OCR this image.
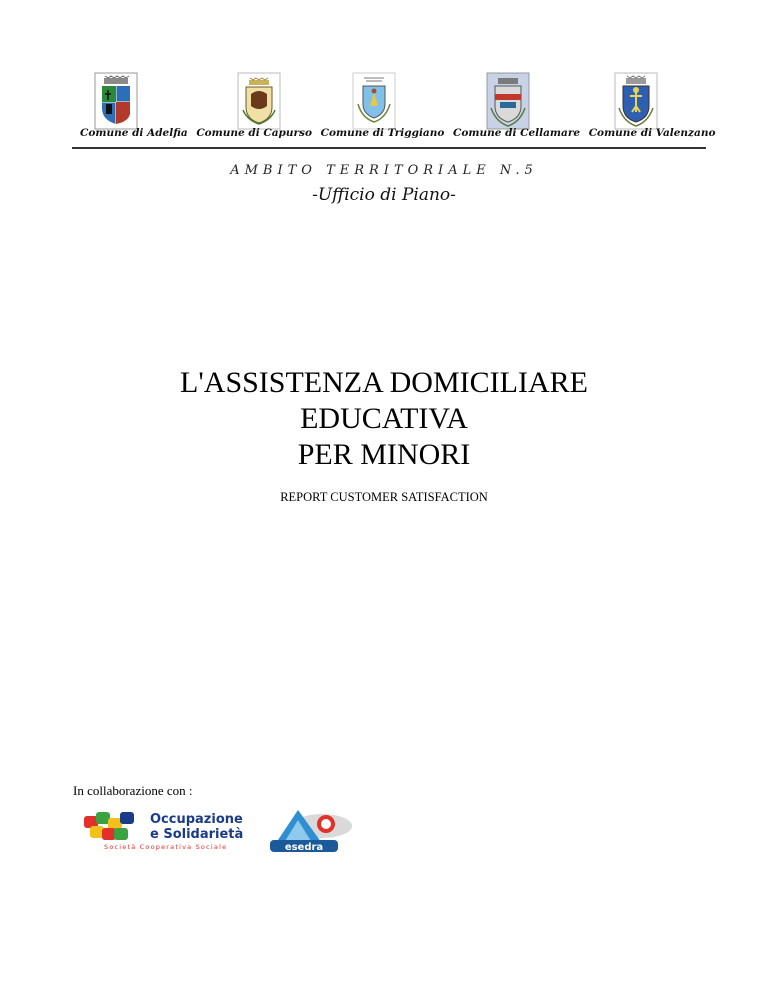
Comune di Adelfia Comune di Capurso Comune di Triggiano Comune di Cellamare Comune di Valenzano
AMBITO TERRITORIALE N.5
-Ufficio di Piano-
L'ASSISTENZA DOMICILIARE
EDUCATIVA
PER MINORI
REPORT CUSTOMER SATISFACTION
In collaborazione con :
Occupazione
e Solidarietà
Società Cooperativa Sociale	esedra
